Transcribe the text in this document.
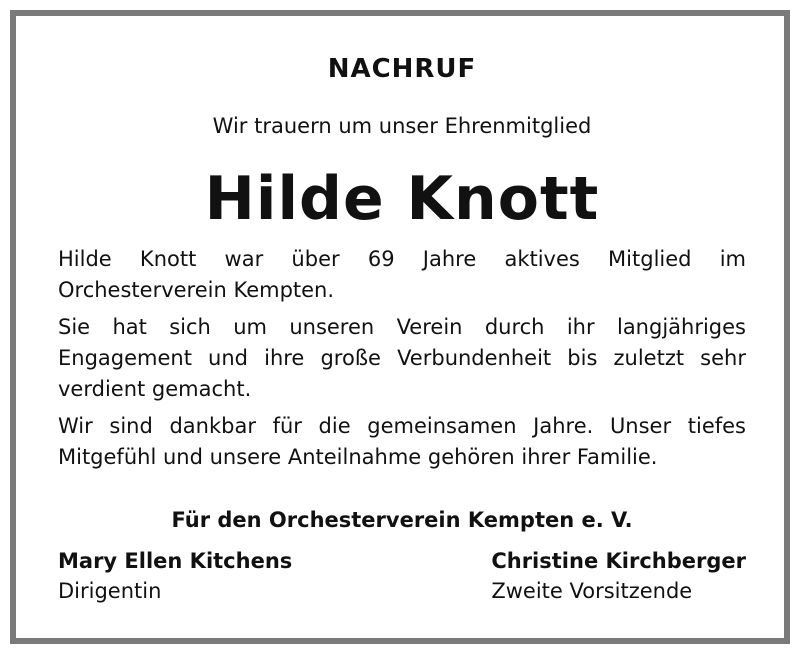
NACHRUF
Wir trauern um unser Ehrenmitglied
Hilde Knott

Hilde Knott war über 69 Jahre aktives Mitglied im Orchesterverein Kempten.

Sie hat sich um unseren Verein durch ihr langjähriges Engagement und ihre große Verbundenheit bis zuletzt sehr verdient gemacht.

Wir sind dankbar für die gemeinsamen Jahre. Unser tiefes Mitgefühl und unsere Anteilnahme gehören ihrer Familie.

Für den Orchesterverein Kempten e. V.
Mary Ellen Kitchens
Dirigentin
Christine Kirchberger
Zweite Vorsitzende
